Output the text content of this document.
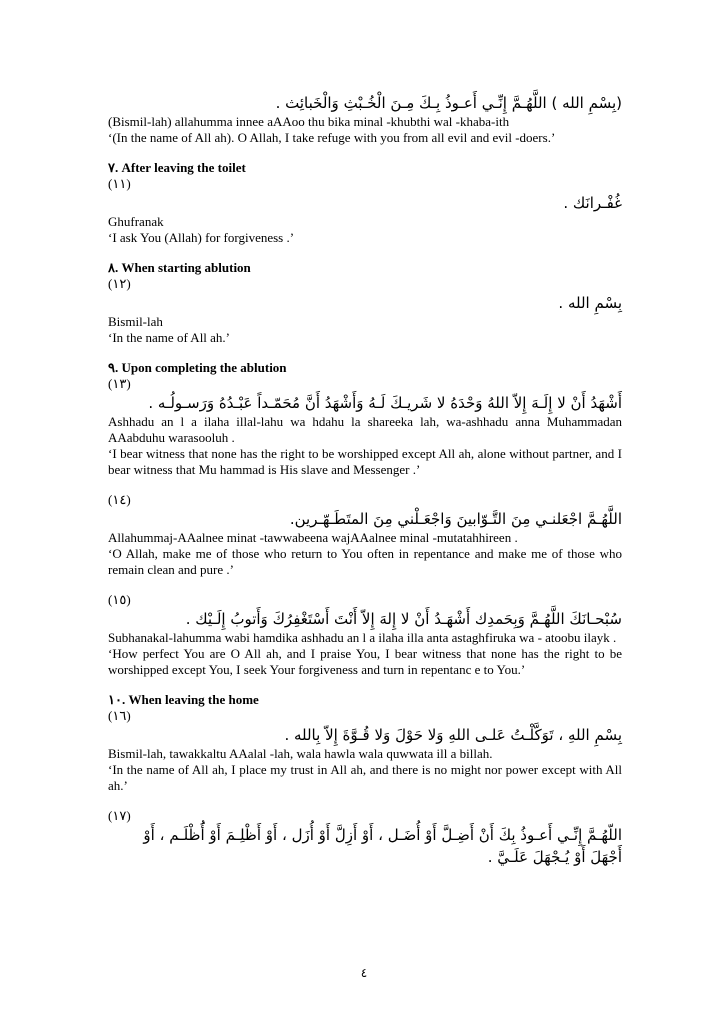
(بِسْمِ الله ) اللَّهُـمَّ إِنِّـي أَعـوذُ بِـكَ مِـنَ الْخُـبْثِ وَالْخَبائِث .

(Bismil-lah) allahumma innee aAAoo thu bika minal -khubthi wal -khaba-ith

‘(In the name of All ah). O Allah, I take refuge with you from all evil and evil -doers.’

٧. After leaving the toilet

(١١)

غُفْـرانَك .

Ghufranak

‘I ask You (Allah) for forgiveness .’

٨. When starting ablution

(١٢)

بِسْمِ الله .

Bismil-lah

‘In the name of All ah.’

٩. Upon completing the ablution

(١٣)

أَشْهَدُ أَنْ لا إِلَـهَ إِلاّ اللهُ وَحْدَهُ لا شَريـكَ لَـهُ وَأَشْهَدُ أَنَّ مُحَمّـداً عَبْـدُهُ وَرَسـولُـه .

Ashhadu an l a ilaha illal-lahu wa hdahu la shareeka lah, wa-ashhadu anna Muhammadan AAabduhu warasooluh .

‘I bear witness that none has the right to be worshipped except All ah, alone without partner, and I bear witness that Mu hammad is His slave and Messenger .’

(١٤)

اللَّهُـمَّ اجْعَلنـي مِنَ التَّـوّابينَ وَاجْعَـلْني مِنَ المتَطَـهّـرين.

Allahummaj-AAalnee minat -tawwabeena wajAAalnee minal -mutatahhireen .

‘O Allah, make me of those who return to You often in repentance and make me of those who remain clean and pure .’

(١٥)

سُبْحـانَكَ اللَّهُـمَّ وَبِحَمدِك أَشْهَـدُ أَنْ لا إِلهَ إِلاّ أَنْتَ أَسْتَغْفِرُكَ وَأَتوبُ إِلَـيْك .

Subhanakal-lahumma wabi hamdika ashhadu an l a ilaha illa anta astaghfiruka wa - atoobu ilayk .

‘How perfect You are O All ah, and I praise You, I bear witness that none has the right to be worshipped except You, I seek Your forgiveness and turn in repentanc e to You.’

١٠. When leaving the home

(١٦)

بِسْمِ اللهِ ، تَوَكَّلْـتُ عَلـى اللهِ وَلا حَوْلَ وَلا قُـوَّةَ إِلاّ بِالله .

Bismil-lah, tawakkaltu AAalal -lah, wala hawla wala quwwata ill a billah.

‘In the name of All ah, I place my trust in All ah, and there is no might nor power except with All ah.’

(١٧)

اللّهُـمَّ إِنِّـي أَعـوذُ بِكَ أَنْ أَضِـلَّ أَوْ أُضَـل ، أَوْ أَزِلَّ أَوْ أُزَل ، أَوْ أَظْلِـمَ أَوْ أَُظْلَـم ، أَوْ أَجْهَلَ أَوْ يُـجْهَلَ عَلَـيَّ .

٤
